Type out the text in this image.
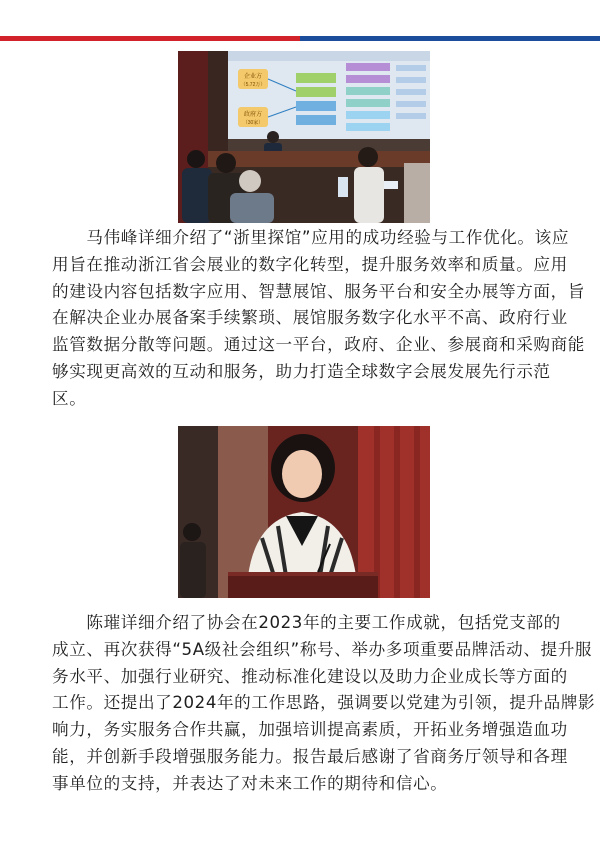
企业方
（5.72万）
政府方
（30家）
　　马伟峰详细介绍了“浙里探馆”应用的成功经验与工作优化。该应
用旨在推动浙江省会展业的数字化转型，提升服务效率和质量。应用
的建设内容包括数字应用、智慧展馆、服务平台和安全办展等方面，旨
在解决企业办展备案手续繁琐、展馆服务数字化水平不高、政府行业
监管数据分散等问题。通过这一平台，政府、企业、参展商和采购商能
够实现更高效的互动和服务，助力打造全球数字会展发展先行示范
区。
　　陈璀详细介绍了协会在2023年的主要工作成就，包括党支部的
成立、再次获得“5A级社会组织”称号、举办多项重要品牌活动、提升服
务水平、加强行业研究、推动标准化建设以及助力企业成长等方面的
工作。还提出了2024年的工作思路，强调要以党建为引领，提升品牌影
响力，务实服务合作共赢，加强培训提高素质，开拓业务增强造血功
能，并创新手段增强服务能力。报告最后感谢了省商务厅领导和各理
事单位的支持，并表达了对未来工作的期待和信心。
